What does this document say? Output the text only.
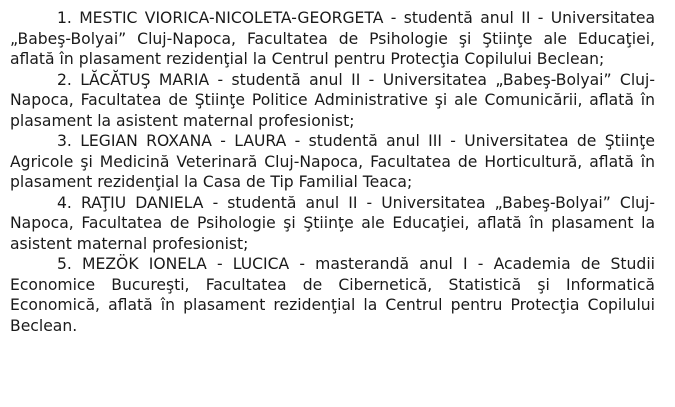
1. MESTIC VIORICA-NICOLETA-GEORGETA - studentă anul II - Universitatea „Babeş-Bolyai” Cluj-Napoca, Facultatea de Psihologie şi Ştiinţe ale Educaţiei, aflată în plasament rezidenţial la Centrul pentru Protecţia Copilului Beclean;

2. LĂCĂTUŞ MARIA - studentă anul II - Universitatea „Babeş-Bolyai” Cluj-Napoca, Facultatea de Ştiinţe Politice Administrative şi ale Comunicării, aflată în plasament la asistent maternal profesionist;

3. LEGIAN ROXANA - LAURA - studentă anul III - Universitatea de Ştiinţe Agricole şi Medicină Veterinară Cluj-Napoca, Facultatea de Horticultură, aflată în plasament rezidenţial la Casa de Tip Familial Teaca;

4. RAŢIU DANIELA - studentă anul II - Universitatea „Babeş-Bolyai” Cluj-Napoca, Facultatea de Psihologie şi Ştiinţe ale Educaţiei, aflată în plasament la asistent maternal profesionist;

5. MEZÖK IONELA - LUCICA - masterandă anul I - Academia de Studii Economice Bucureşti, Facultatea de Cibernetică, Statistică şi Informatică Economică, aflată în plasament rezidenţial la Centrul pentru Protecţia Copilului Beclean.
